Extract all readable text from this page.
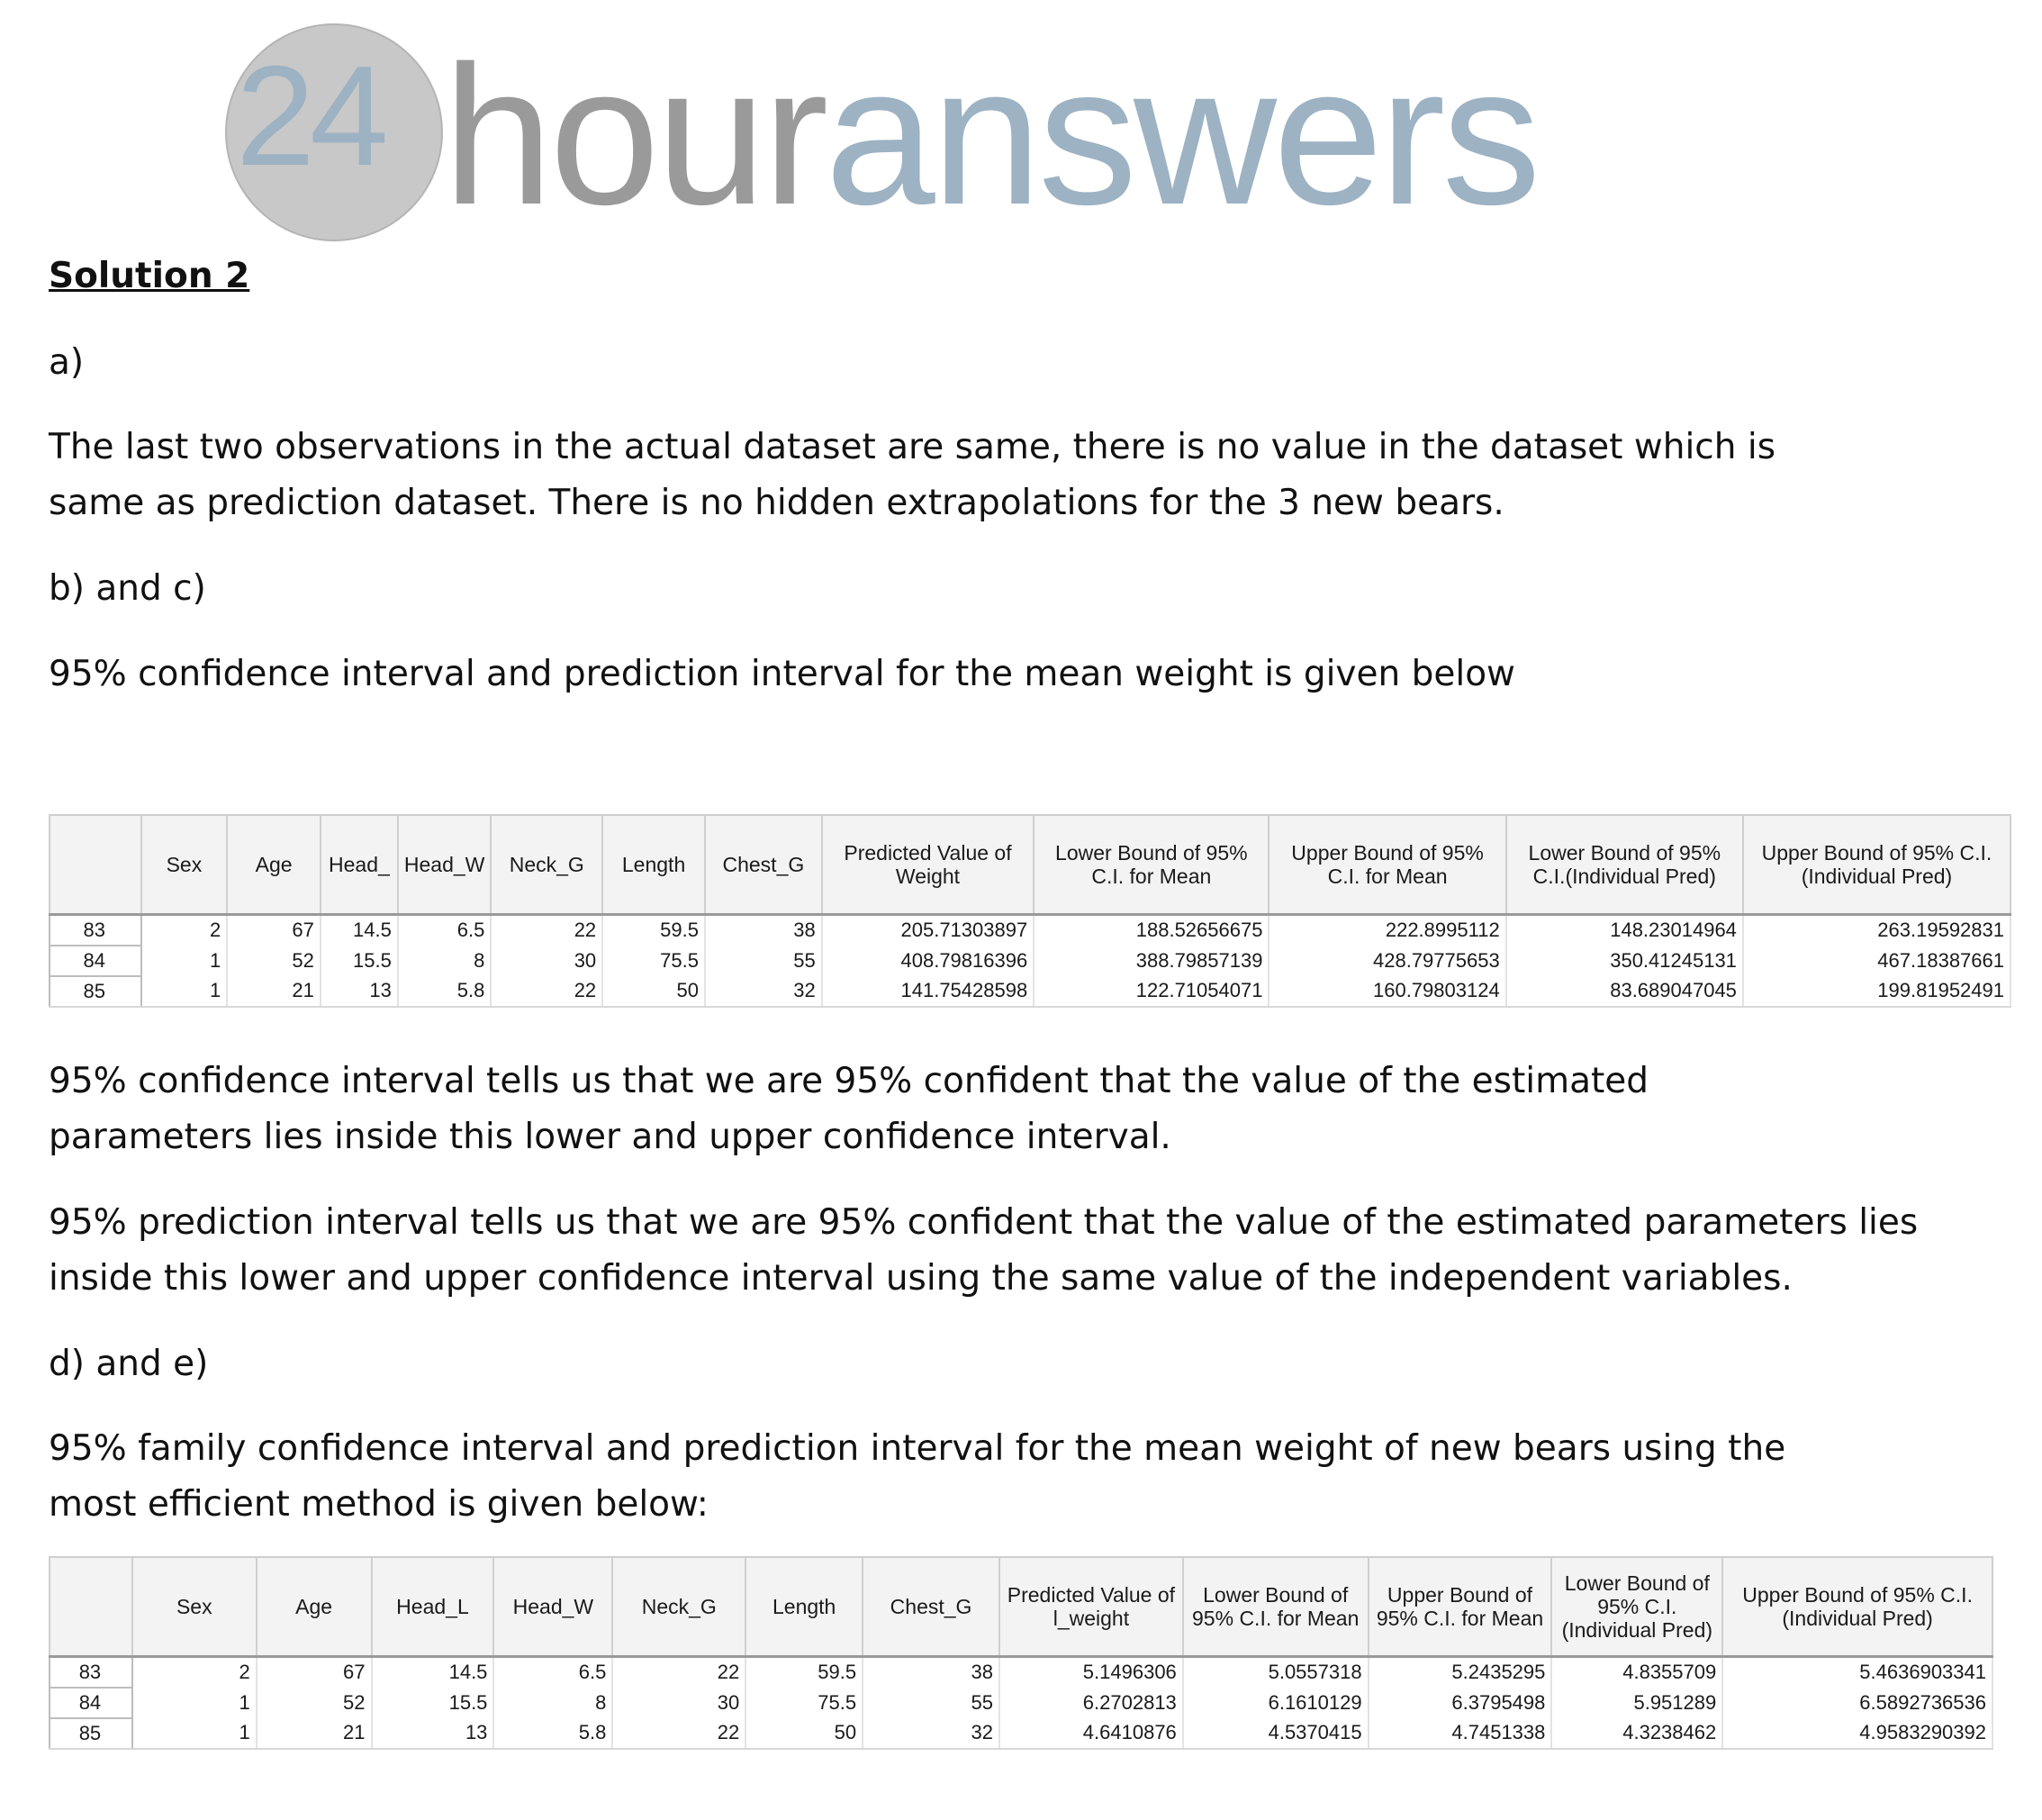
24 houranswers

Solution 2

a)

The last two observations in the actual dataset are same, there is no value in the dataset which is same as prediction dataset. There is no hidden extrapolations for the 3 new bears.

b) and c)

95% confidence interval and prediction interval for the mean weight is given below

	Sex	Age	Head_	Head_W	Neck_G	Length	Chest_G	Predicted Value of Weight	Lower Bound of 95% C.I. for Mean	Upper Bound of 95% C.I. for Mean	Lower Bound of 95% C.I.(Individual Pred)	Upper Bound of 95% C.I.(Individual Pred)
83	2	67	14.5	6.5	22	59.5	38	205.71303897	188.52656675	222.8995112	148.23014964	263.19592831
84	1	52	15.5	8	30	75.5	55	408.79816396	388.79857139	428.79775653	350.41245131	467.18387661
85	1	21	13	5.8	22	50	32	141.75428598	122.71054071	160.79803124	83.689047045	199.81952491

95% confidence interval tells us that we are 95% confident that the value of the estimated parameters lies inside this lower and upper confidence interval.

95% prediction interval tells us that we are 95% confident that the value of the estimated parameters lies inside this lower and upper confidence interval using the same value of the independent variables.

d) and e)

95% family confidence interval and prediction interval for the mean weight of new bears using the most efficient method is given below:

	Sex	Age	Head_L	Head_W	Neck_G	Length	Chest_G	Predicted Value of l_weight	Lower Bound of 95% C.I. for Mean	Upper Bound of 95% C.I. for Mean	Lower Bound of 95% C.I.(Individual Pred)	Upper Bound of 95% C.I.(Individual Pred)
83	2	67	14.5	6.5	22	59.5	38	5.1496306	5.0557318	5.2435295	4.8355709	5.4636903341
84	1	52	15.5	8	30	75.5	55	6.2702813	6.1610129	6.3795498	5.951289	6.5892736536
85	1	21	13	5.8	22	50	32	4.6410876	4.5370415	4.7451338	4.3238462	4.9583290392
